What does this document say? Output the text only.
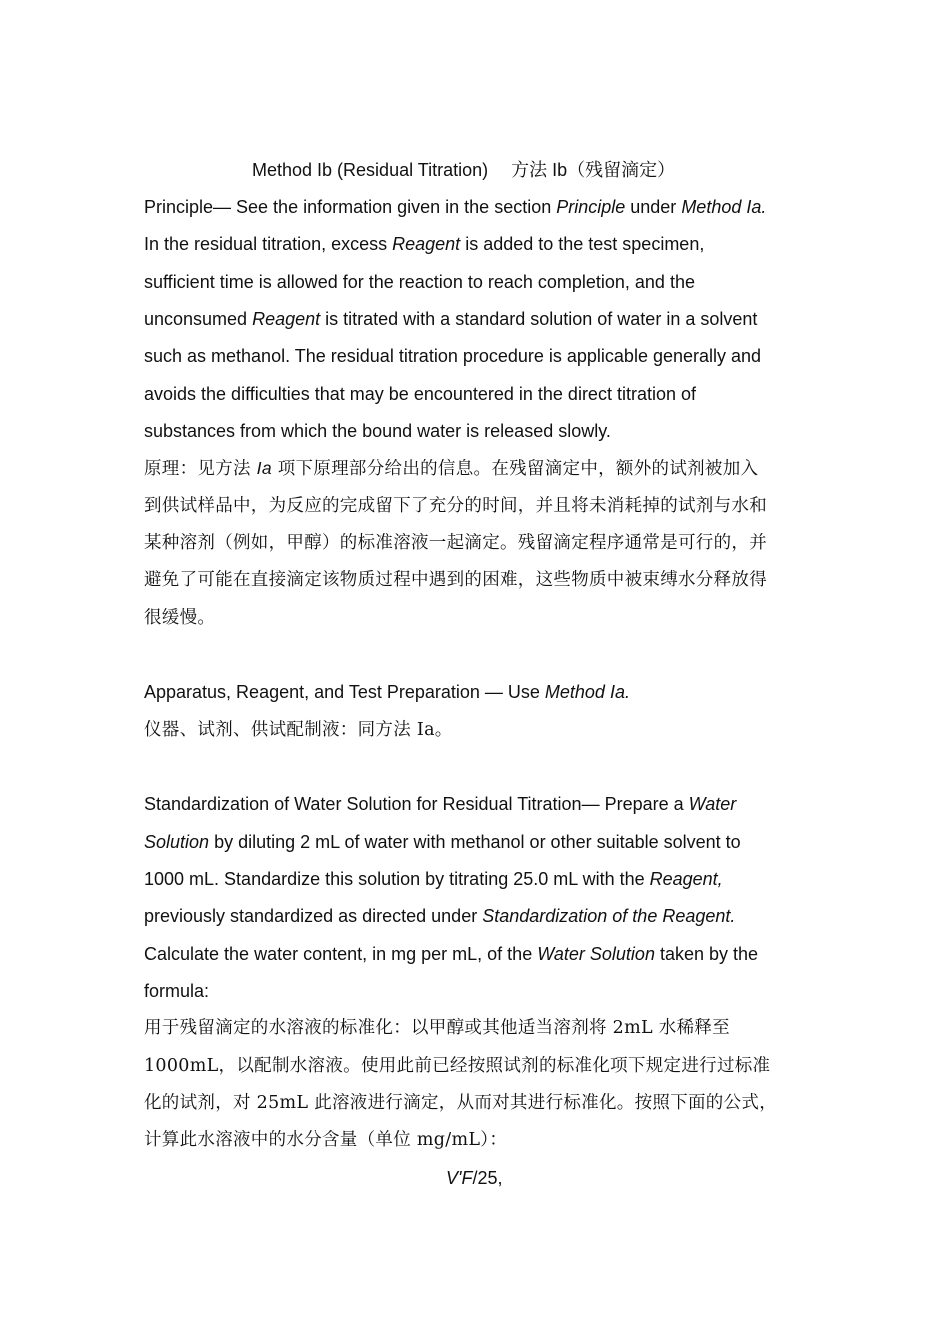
Method Ib (Residual Titration)　 方法 Ib（残留滴定）
Principle— See the information given in the section Principle under Method Ia.
In the residual titration, excess Reagent is added to the test specimen,
sufficient time is allowed for the reaction to reach completion, and the
unconsumed Reagent is titrated with a standard solution of water in a solvent
such as methanol. The residual titration procedure is applicable generally and
avoids the difficulties that may be encountered in the direct titration of
substances from which the bound water is released slowly.
原理：见方法 Ia 项下原理部分给出的信息。在残留滴定中，额外的试剂被加入
到供试样品中，为反应的完成留下了充分的时间，并且将未消耗掉的试剂与水和
某种溶剂（例如，甲醇）的标准溶液一起滴定。残留滴定程序通常是可行的，并
避免了可能在直接滴定该物质过程中遇到的困难，这些物质中被束缚水分释放得
很缓慢。
Apparatus, Reagent, and Test Preparation — Use Method Ia.
仪器、试剂、供试配制液：同方法 Ia。
Standardization of Water Solution for Residual Titration— Prepare a Water
Solution by diluting 2 mL of water with methanol or other suitable solvent to
1000 mL. Standardize this solution by titrating 25.0 mL with the Reagent,
previously standardized as directed under Standardization of the Reagent.
Calculate the water content, in mg per mL, of the Water Solution taken by the
formula:
用于残留滴定的水溶液的标准化：以甲醇或其他适当溶剂将 2mL 水稀释至
1000mL，以配制水溶液。使用此前已经按照试剂的标准化项下规定进行过标准
化的试剂，对 25mL 此溶液进行滴定，从而对其进行标准化。按照下面的公式，
计算此水溶液中的水分含量（单位 mg/mL）：
V'F/25,
